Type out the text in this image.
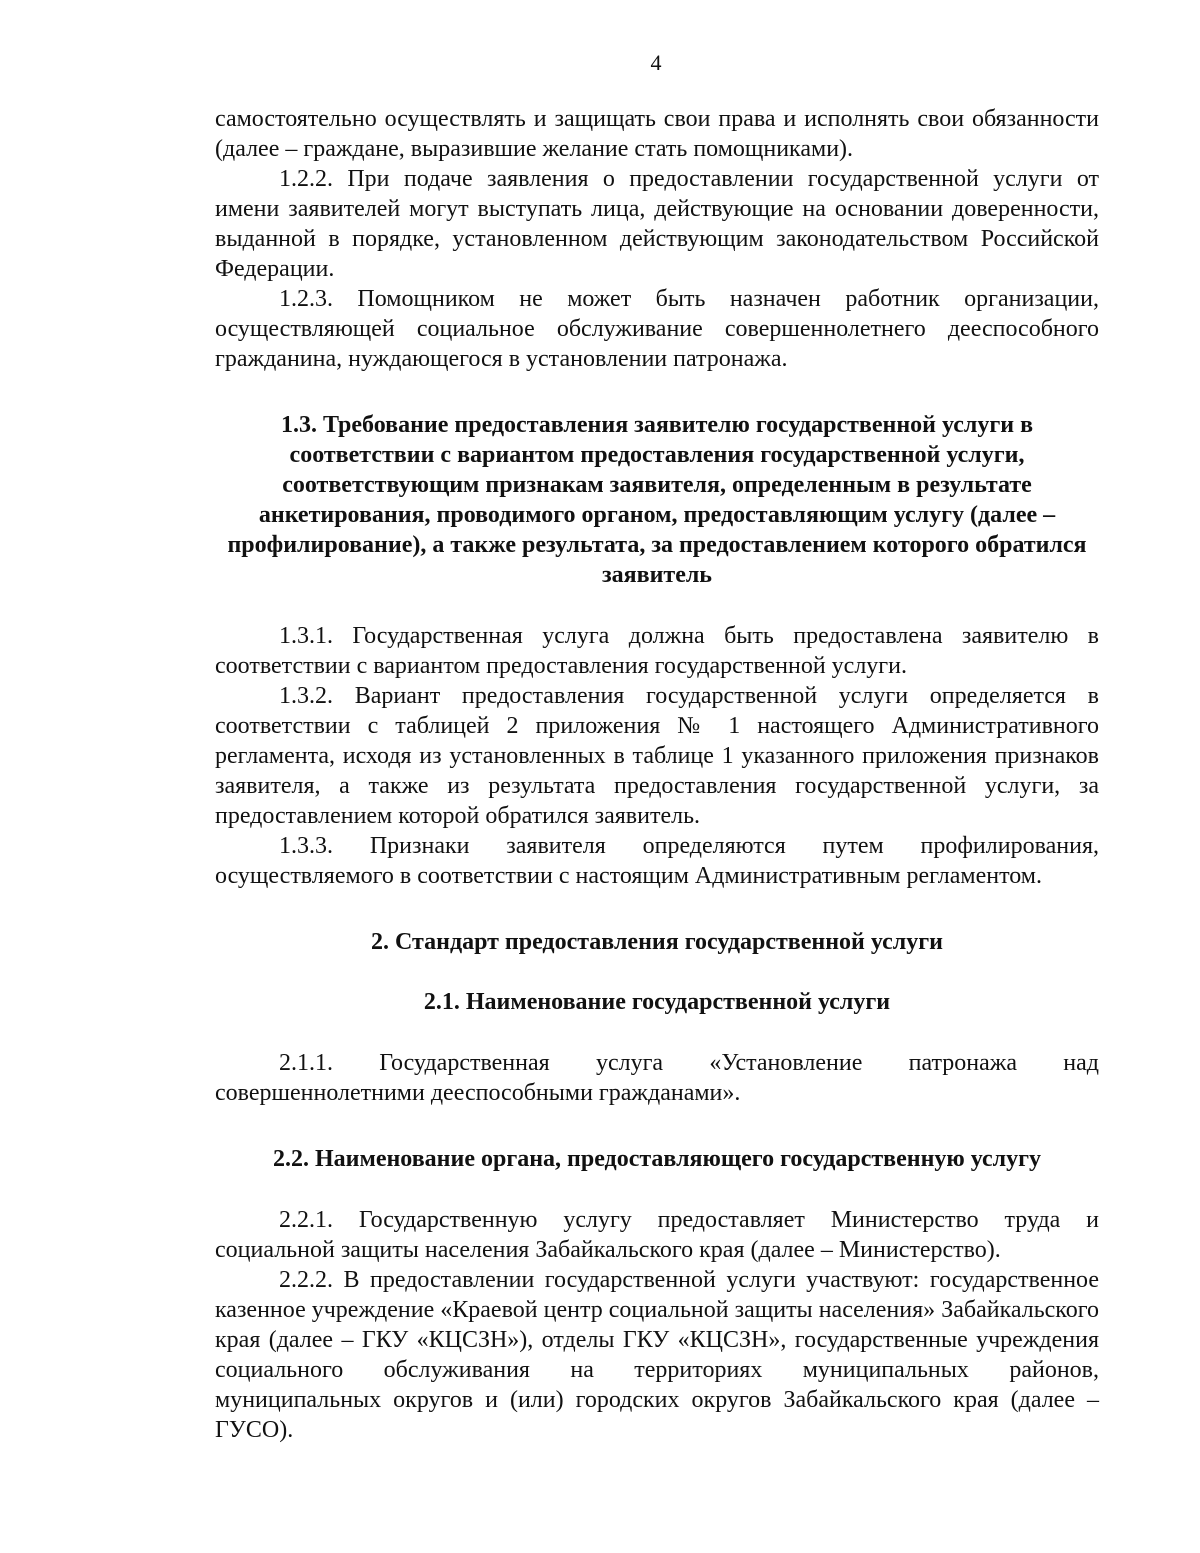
4

самостоятельно осуществлять и защищать свои права и исполнять свои обязанности (далее – граждане, выразившие желание стать помощниками).

1.2.2. При подаче заявления о предоставлении государственной услуги от имени заявителей могут выступать лица, действующие на основании доверенности, выданной в порядке, установленном действующим законодательством Российской Федерации.

1.2.3. Помощником не может быть назначен работник организации, осуществляющей социальное обслуживание совершеннолетнего дееспособного гражданина, нуждающегося в установлении патронажа.

1.3. Требование предоставления заявителю государственной услуги в соответствии с вариантом предоставления государственной услуги, соответствующим признакам заявителя, определенным в результате анкетирования, проводимого органом, предоставляющим услугу (далее – профилирование), а также результата, за предоставлением которого обратился заявитель

1.3.1. Государственная услуга должна быть предоставлена заявителю в соответствии с вариантом предоставления государственной услуги.

1.3.2. Вариант предоставления государственной услуги определяется в соответствии с таблицей 2 приложения № 1 настоящего Административного регламента, исходя из установленных в таблице 1 указанного приложения признаков заявителя, а также из результата предоставления государственной услуги, за предоставлением которой обратился заявитель.

1.3.3. Признаки заявителя определяются путем профилирования, осуществляемого в соответствии с настоящим Административным регламентом.

2. Стандарт предоставления государственной услуги
2.1. Наименование государственной услуги

2.1.1. Государственная услуга «Установление патронажа над совершеннолетними дееспособными гражданами».

2.2. Наименование органа, предоставляющего государственную услугу

2.2.1. Государственную услугу предоставляет Министерство труда и социальной защиты населения Забайкальского края (далее – Министерство).

2.2.2. В предоставлении государственной услуги участвуют: государственное казенное учреждение «Краевой центр социальной защиты населения» Забайкальского края (далее – ГКУ «КЦСЗН»), отделы ГКУ «КЦСЗН», государственные учреждения социального обслуживания на территориях муниципальных районов, муниципальных округов и (или) городских округов Забайкальского края (далее – ГУСО).
